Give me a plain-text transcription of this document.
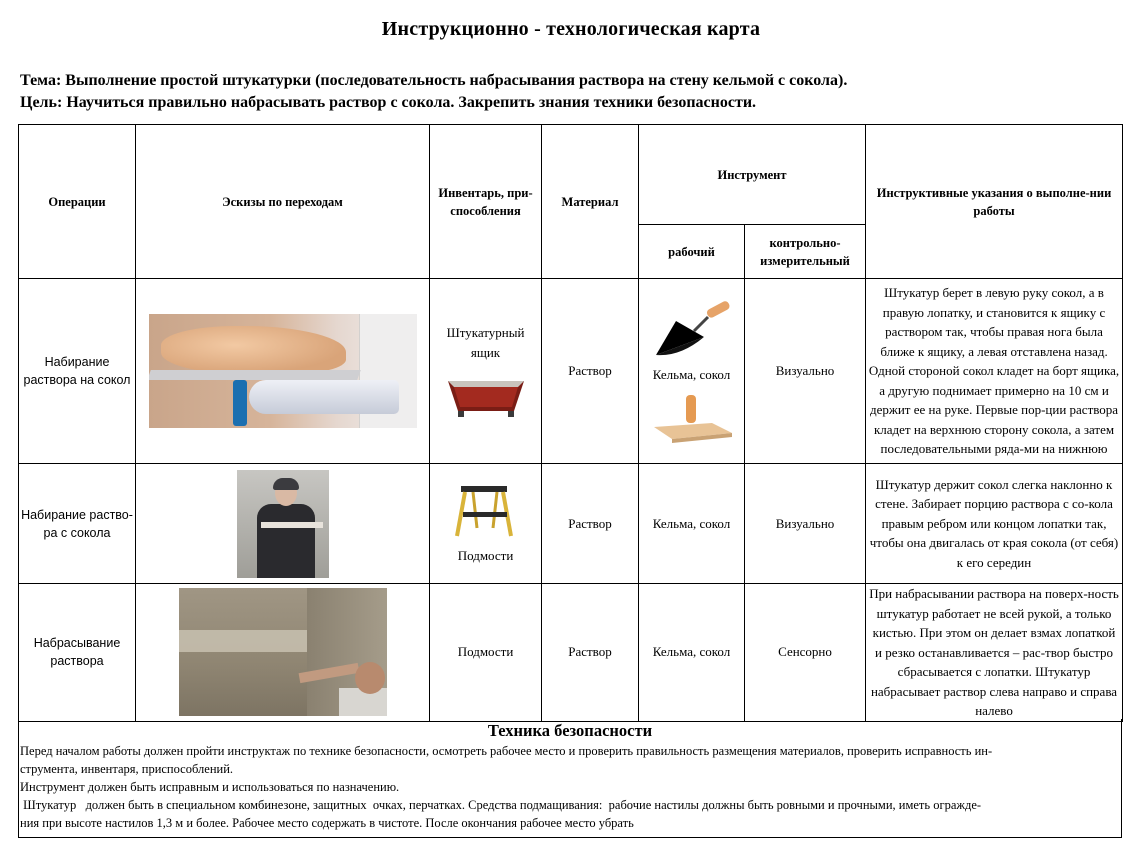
Инструкционно - технологическая карта
Тема: Выполнение простой штукатурки (последовательность набрасывания раствора на стену кельмой с сокола).
Цель: Научиться правильно набрасывать раствор с сокола. Закрепить знания техники безопасности.
Операции	Эскизы по переходам	Инвентарь, при-способления	Материал	Инструмент		Инструктивные указания о выполне-нии работы
				рабочий	контрольно-измерительный	
Набирание раствора на сокол		Штукатурный ящик	Раствор	Кельма, сокол	Визуально	Штукатур берет в левую руку сокол, а в правую лопатку, и становится к ящику с раствором так, чтобы правая нога была ближе к ящику, а левая отставлена назад. Одной стороной сокол кладет на борт ящика, а другую поднимает примерно на 10 см и держит ее на руке. Первые пор-ции раствора кладет на верхнюю сторону сокола, а затем последовательными рядa-ми на нижнюю
Набирание раство-ра с сокола		Подмости	Раствор	Кельма, сокол	Визуально	Штукатур держит сокол слегка наклонно к стене. Забирает порцию раствора с со-кола правым ребром или концом лопатки так, чтобы она двигалась от края сокола (от себя) к его середин
Набрасывание раствора		Подмости	Раствор	Кельма, сокол	Сенсорно	При набрасывании раствора на поверх-ность штукатур работает не всей рукой, а только кистью. При этом он делает взмах лопаткой и резко останавливается – рас-твор быстро сбрасывается с лопатки. Штукатур набрасывает раствор слева направо и справа налево
Техника безопасности

Перед началом работы должен пройти инструктаж по технике безопасности, осмотреть рабочее место и проверить правильность размещения материалов, проверить исправность ин-

струмента, инвентаря, приспособлений.

Инструмент должен быть исправным и использоваться по назначению.

Штукатур   должен быть в специальном комбинезоне, защитных  очках, перчатках. Средства подмащивания:  рабочие настилы должны быть ровными и прочными, иметь огражде-

ния при высоте настилов 1,3 м и более. Рабочее место содержать в чистоте. После окончания рабочее место убрать
